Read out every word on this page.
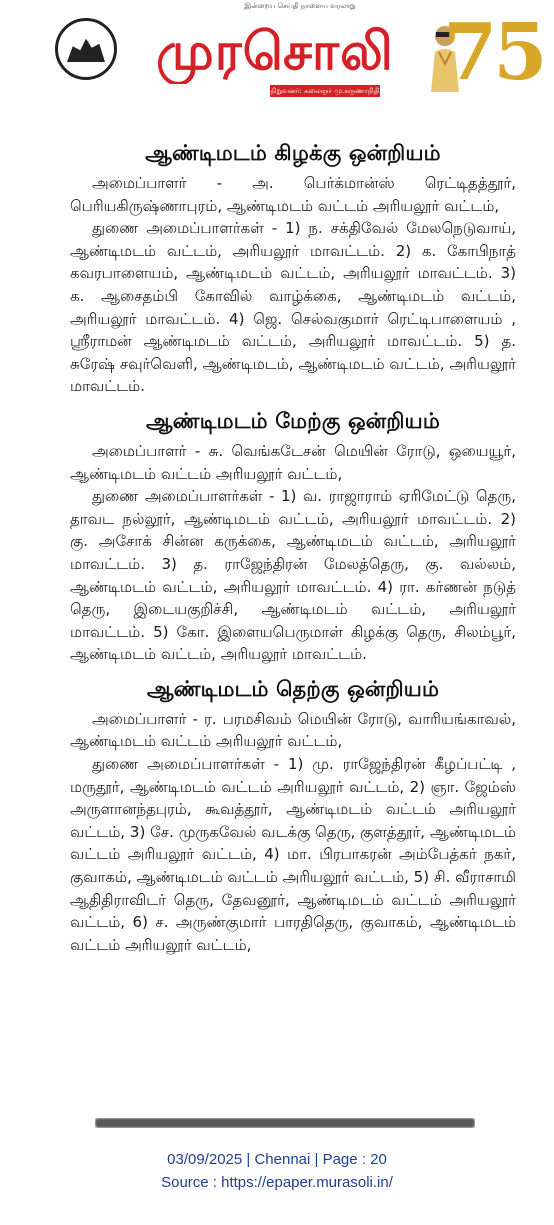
இன்றைய செய்தி நாளைய வரலாறு
முரசொலி
நிறுவனர்: கலைஞர் மு.கருணாநிதி 75
ஆண்டிமடம் கிழக்கு ஒன்றியம்

அமைப்பாளர் - அ. பெர்க்மான்ஸ் ரெட்டிதத்தூர், பெரியகிருஷ்ணாபுரம், ஆண்டிமடம் வட்டம் அரியலூர் வட்டம்,

துணை அமைப்பாளர்கள் - 1) ந. சக்திவேல் மேலநெடுவாய், ஆண்டிமடம் வட்டம், அரியலூர் மாவட்டம். 2) க. கோபிநாத் கவரபாளையம், ஆண்டிமடம் வட்டம், அரியலூர் மாவட்டம். 3) க. ஆசைதம்பி கோவில் வாழ்க்கை, ஆண்டிமடம் வட்டம், அரியலூர் மாவட்டம். 4) ஜெ. செல்வகுமார் ரெட்டிபாளையம் , ஸ்ரீராமன் ஆண்டிமடம் வட்டம், அரியலூர் மாவட்டம். 5) த. சுரேஷ் சவுர்வெளி, ஆண்டிமடம், ஆண்டிமடம் வட்டம், அரியலூர் மாவட்டம்.

ஆண்டிமடம் மேற்கு ஒன்றியம்

அமைப்பாளர் - சு. வெங்கடேசன் மெயின் ரோடு, ஒயையூர், ஆண்டிமடம் வட்டம் அரியலூர் வட்டம்,

துணை அமைப்பாளர்கள் - 1) வ. ராஜாராம் ஏரிமேட்டு தெரு, தாவட நல்லூர், ஆண்டிமடம் வட்டம், அரியலூர் மாவட்டம். 2) கு. அசோக் சின்ன கருக்கை, ஆண்டிமடம் வட்டம், அரியலூர் மாவட்டம். 3) த. ராஜேந்திரன் மேலத்தெரு, கு. வல்லம், ஆண்டிமடம் வட்டம், அரியலூர் மாவட்டம். 4) ரா. கர்ணன் நடுத் தெரு, இடையகுறிச்சி, ஆண்டிமடம் வட்டம், அரியலூர் மாவட்டம். 5) கோ. இளையபெருமாள் கிழக்கு தெரு, சிலம்பூர், ஆண்டிமடம் வட்டம், அரியலூர் மாவட்டம்.

ஆண்டிமடம் தெற்கு ஒன்றியம்

அமைப்பாளர் - ர. பரமசிவம் மெயின் ரோடு, வாரியங்காவல், ஆண்டிமடம் வட்டம் அரியலூர் வட்டம்,

துணை அமைப்பாளர்கள் - 1) மு. ராஜேந்திரன் கீழப்பட்டி , மருதூர், ஆண்டிமடம் வட்டம் அரியலூர் வட்டம், 2) ஞா. ஜேம்ஸ் அருளானந்தபுரம், கூவத்தூர், ஆண்டிமடம் வட்டம் அரியலூர் வட்டம், 3) சே. முருகவேல் வடக்கு தெரு, குளத்தூர், ஆண்டிமடம் வட்டம் அரியலூர் வட்டம், 4) மா. பிரபாகரன் அம்பேத்கர் நகர், குவாகம், ஆண்டிமடம் வட்டம் அரியலூர் வட்டம், 5) சி. வீராசாமி ஆதிதிராவிடர் தெரு, தேவனூர், ஆண்டிமடம் வட்டம் அரியலூர் வட்டம், 6) ச. அருண்குமார் பாரதிதெரு, குவாகம், ஆண்டிமடம் வட்டம் அரியலூர் வட்டம்,

03/09/2025 | Chennai | Page : 20
Source : https://epaper.murasoli.in/
